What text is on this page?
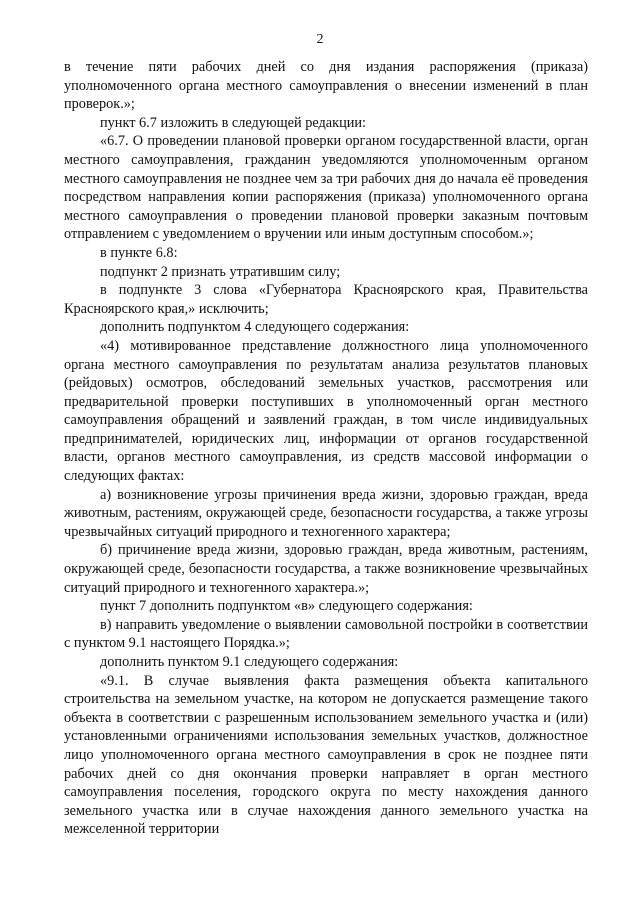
2

в течение пяти рабочих дней со дня издания распоряжения (приказа) уполномоченного органа местного самоуправления о внесении изменений в план проверок.»;

пункт 6.7 изложить в следующей редакции:

«6.7. О проведении плановой проверки органом государственной власти, орган местного самоуправления, гражданин уведомляются уполномоченным органом местного самоуправления не позднее чем за три рабочих дня до начала её проведения посредством направления копии распоряжения (приказа) уполномоченного органа местного самоуправления о проведении плановой проверки заказным почтовым отправлением с уведомлением о вручении или иным доступным способом.»;

в пункте 6.8:

подпункт 2 признать утратившим силу;

в подпункте 3 слова «Губернатора Красноярского края, Правительства Красноярского края,» исключить;

дополнить подпунктом 4 следующего содержания:

«4) мотивированное представление должностного лица уполномоченного органа местного самоуправления по результатам анализа результатов плановых (рейдовых) осмотров, обследований земельных участков, рассмотрения или предварительной проверки поступивших в уполномоченный орган местного самоуправления обращений и заявлений граждан, в том числе индивидуальных предпринимателей, юридических лиц, информации от органов государственной власти, органов местного самоуправления, из средств массовой информации о следующих фактах:

а) возникновение угрозы причинения вреда жизни, здоровью граждан, вреда животным, растениям, окружающей среде, безопасности государства, а также угрозы чрезвычайных ситуаций природного и техногенного характера;

б) причинение вреда жизни, здоровью граждан, вреда животным, растениям, окружающей среде, безопасности государства, а также возникновение чрезвычайных ситуаций природного и техногенного характера.»;

пункт 7 дополнить подпунктом «в» следующего содержания:

в) направить уведомление о выявлении самовольной постройки в соответствии с пунктом 9.1 настоящего Порядка.»;

дополнить пунктом 9.1 следующего содержания:

«9.1. В случае выявления факта размещения объекта капитального строительства на земельном участке, на котором не допускается размещение такого объекта в соответствии с разрешенным использованием земельного участка и (или) установленными ограничениями использования земельных участков, должностное лицо уполномоченного органа местного самоуправления в срок не позднее пяти рабочих дней со дня окончания проверки направляет в орган местного самоуправления поселения, городского округа по месту нахождения данного земельного участка или в случае нахождения данного земельного участка на межселенной территории
